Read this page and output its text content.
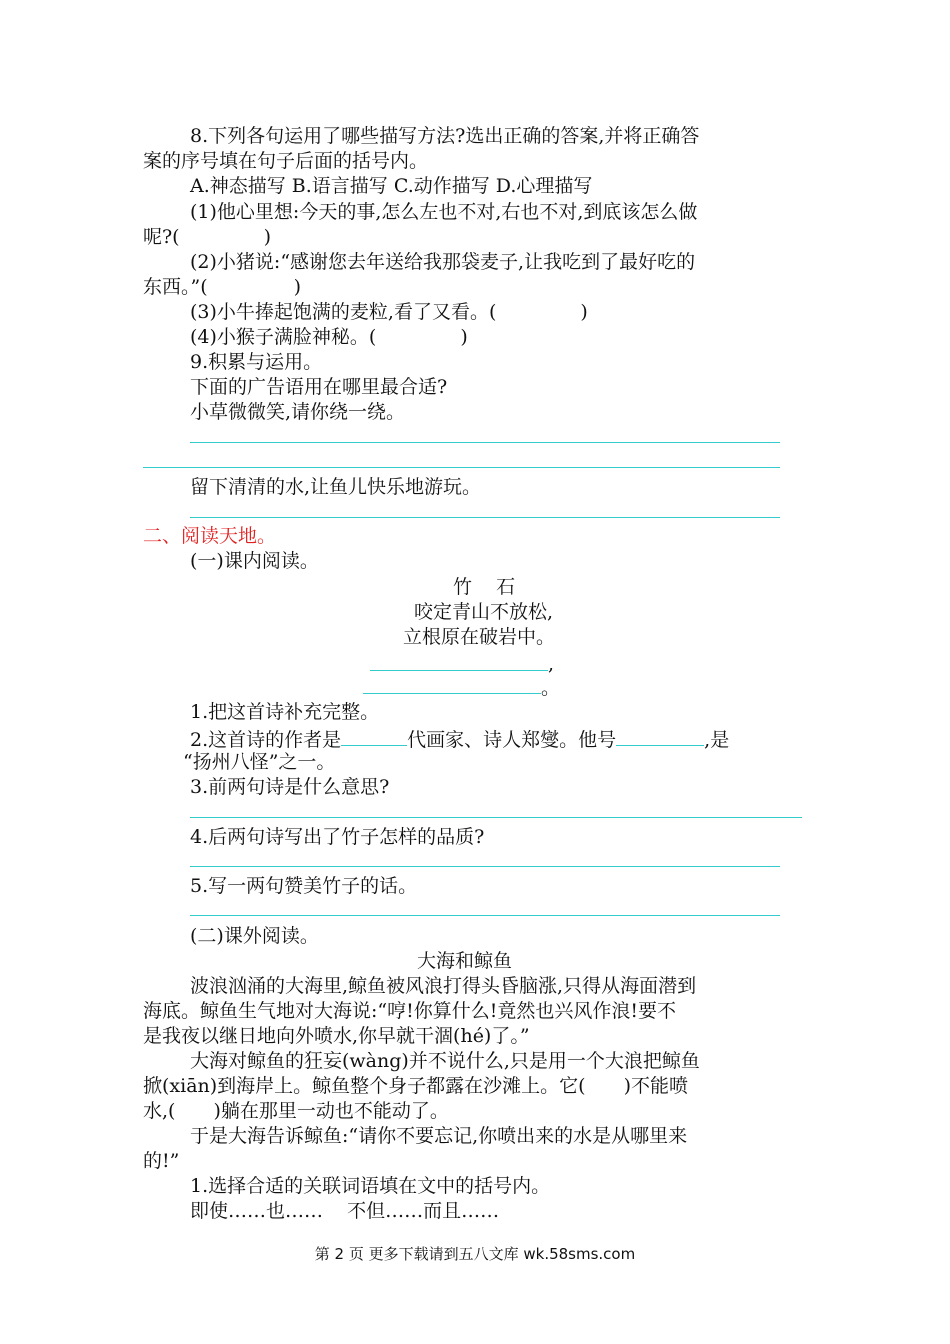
8.下列各句运用了哪些描写方法?选出正确的答案,并将正确答
案的序号填在句子后面的括号内。
A.神态描写 B.语言描写 C.动作描写 D.心理描写
(1)他心里想:今天的事,怎么左也不对,右也不对,到底该怎么做
呢?(	)
(2)小猪说:“感谢您去年送给我那袋麦子,让我吃到了最好吃的
东西。”(	)
(3)小牛捧起饱满的麦粒,看了又看。(	)
(4)小猴子满脸神秘。(	)
9.积累与运用。
下面的广告语用在哪里最合适?
小草微微笑,请你绕一绕。
留下清清的水,让鱼儿快乐地游玩。
二、阅读天地。
(一)课内阅读。
竹    石
咬定青山不放松,
立根原在破岩中。
,
。
1.把这首诗补充完整。
2.这首诗的作者是	代画家、诗人郑燮。他号	,是
“扬州八怪”之一。
3.前两句诗是什么意思?
4.后两句诗写出了竹子怎样的品质?
5.写一两句赞美竹子的话。
(二)课外阅读。
大海和鲸鱼
波浪汹涌的大海里,鲸鱼被风浪打得头昏脑涨,只得从海面潜到
海底。鲸鱼生气地对大海说:“哼!你算什么!竟然也兴风作浪!要不
是我夜以继日地向外喷水,你早就干涸(hé)了。”
大海对鲸鱼的狂妄(wàng)并不说什么,只是用一个大浪把鲸鱼
掀(xiān)到海岸上。鲸鱼整个身子都露在沙滩上。它( )不能喷
水,( )躺在那里一动也不能动了。
于是大海告诉鲸鱼:“请你不要忘记,你喷出来的水是从哪里来
的!”
1.选择合适的关联词语填在文中的括号内。
即使……也……    不但……而且……
第 2 页 更多下载请到五八文库 wk.58sms.com
